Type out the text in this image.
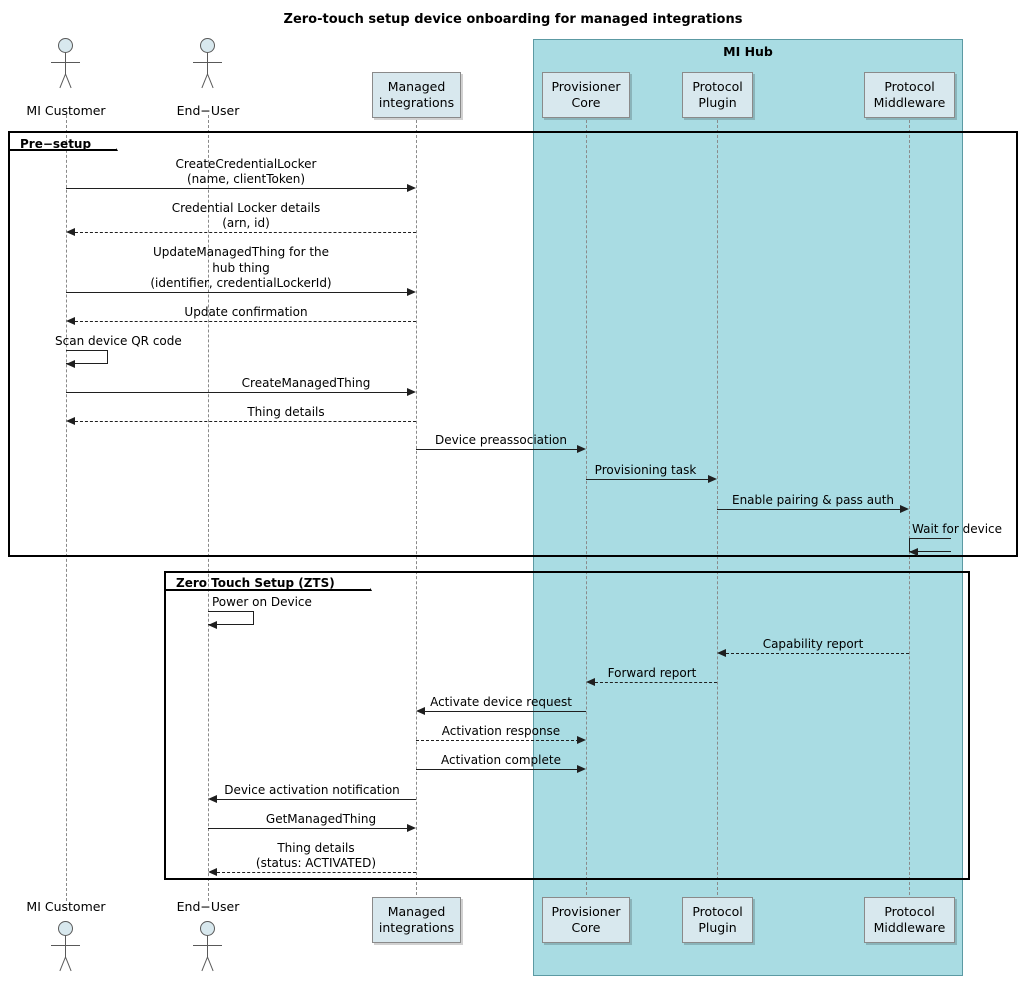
Zero-touch setup device onboarding for managed integrations
MI Hub
MI Customer	End−User
Managed
integrations
Provisioner
Core
Protocol
Plugin
Protocol
Middleware
Pre−setup
CreateCredentialLocker
(name, clientToken)
Credential Locker details
(arn, id)
UpdateManagedThing for the
hub thing
(identifier, credentialLockerId)
Update confirmation
Scan device QR code
CreateManagedThing
Thing details
Device preassociation
Provisioning task
Enable pairing & pass auth
Wait for device
Zero Touch Setup (ZTS)
Power on Device
Capability report
Forward report
Activate device request
Activation response
Activation complete
Device activation notification
GetManagedThing
Thing details
(status: ACTIVATED)
MI Customer	End−User	Managed
integrations
Provisioner
Core
Protocol
Plugin
Protocol
Middleware
